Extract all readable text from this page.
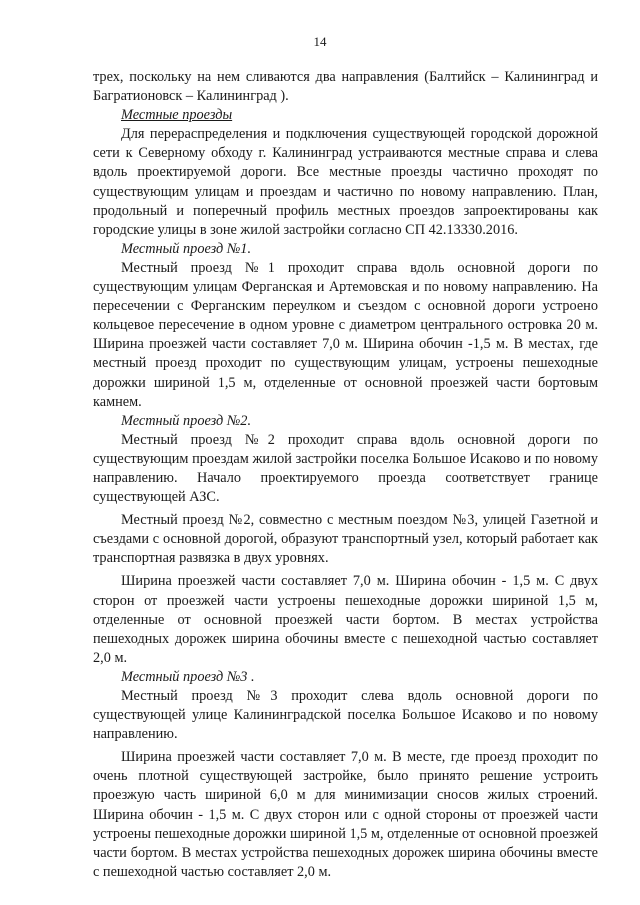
14

трех, поскольку на нем сливаются два направления (Балтийск – Калининград и Багратионовск – Калининград ).

Местные проезды

Для перераспределения и подключения существующей городской дорожной сети к Северному обходу г. Калининград устраиваются местные справа и слева вдоль проектируемой дороги. Все местные проезды частично проходят по существующим улицам и проездам и частично по новому направлению. План, продольный и поперечный профиль местных проездов запроектированы как городские улицы в зоне жилой застройки согласно СП 42.13330.2016.

Местный проезд №1.

Местный проезд №1 проходит справа вдоль основной дороги по существующим улицам Ферганская и Артемовская и по новому направлению. На пересечении с Ферганским переулком и съездом с основной дороги устроено кольцевое пересечение в одном уровне с диаметром центрального островка 20 м. Ширина проезжей части составляет 7,0 м. Ширина обочин -1,5 м. В местах, где местный проезд проходит по существующим улицам, устроены пешеходные дорожки шириной 1,5 м, отделенные от основной проезжей части бортовым камнем.

Местный проезд №2.

Местный проезд №2 проходит справа вдоль основной дороги по существующим проездам жилой застройки поселка Большое Исаково и по новому направлению. Начало проектируемого проезда соответствует границе существующей АЗС.

Местный проезд №2, совместно с местным поездом №3, улицей Газетной и съездами с основной дорогой, образуют транспортный узел, который работает как транспортная развязка в двух уровнях.

Ширина проезжей части составляет 7,0 м. Ширина обочин - 1,5 м. С двух сторон от проезжей части устроены пешеходные дорожки шириной 1,5 м, отделенные от основной проезжей части бортом. В местах устройства пешеходных дорожек ширина обочины вместе с пешеходной частью составляет 2,0 м.

Местный проезд №3 .

Местный проезд №3 проходит слева вдоль основной дороги по существующей улице Калининградской поселка Большое Исаково и по новому направлению.

Ширина проезжей части составляет 7,0 м. В месте, где проезд проходит по очень плотной существующей застройке, было принято решение устроить проезжую часть шириной 6,0 м для минимизации сносов жилых строений. Ширина обочин - 1,5 м. С двух сторон или с одной стороны от проезжей части устроены пешеходные дорожки шириной 1,5 м, отделенные от основной проезжей части бортом. В местах устройства пешеходных дорожек ширина обочины вместе с пешеходной частью составляет 2,0 м.
